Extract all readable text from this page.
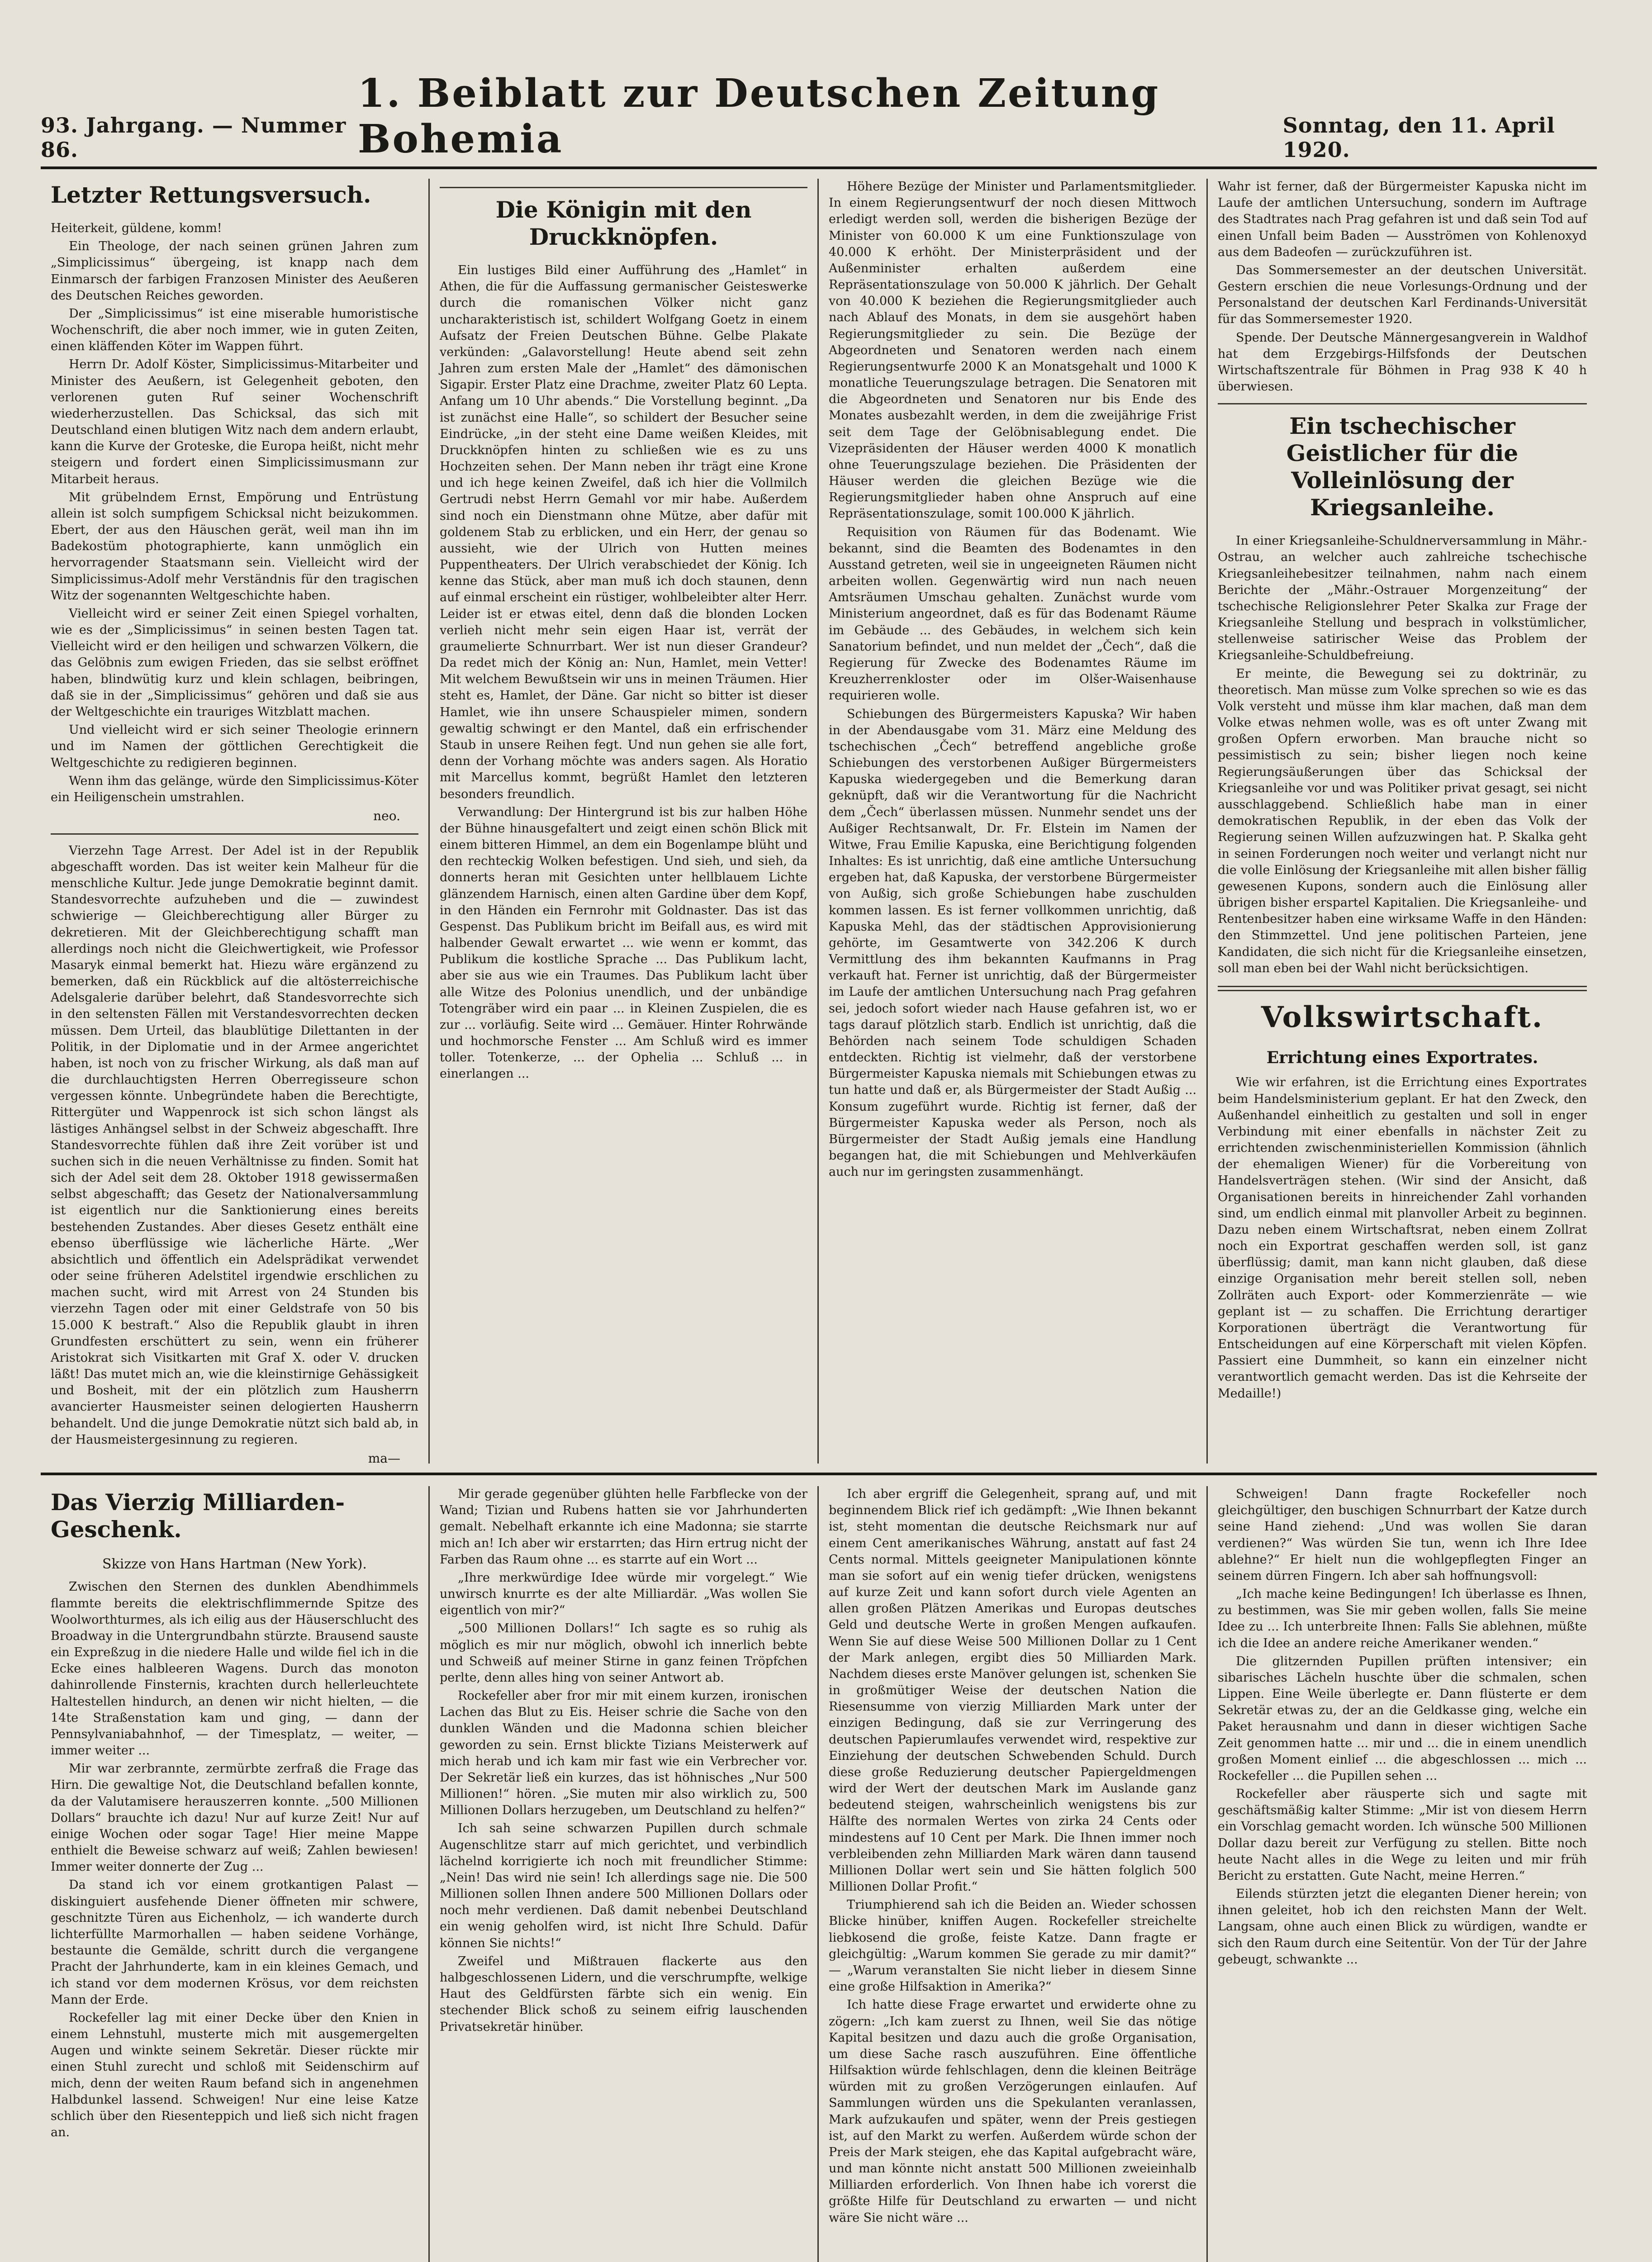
93. Jahrgang. — Nummer 86.
1. Beiblatt zur Deutschen Zeitung Bohemia	Sonntag, den 11. April 1920.
Letzter Rettungsversuch.

Heiterkeit, güldene, komm!

Ein Theologe, der nach seinen grünen Jahren zum „Simplicissimus“ übergeing, ist knapp nach dem Einmarsch der farbigen Franzosen Minister des Aeußeren des Deutschen Reiches geworden.

Der „Simplicissimus“ ist eine miserable humoristische Wochenschrift, die aber noch immer, wie in guten Zeiten, einen kläffenden Köter im Wappen führt.

Herrn Dr. Adolf Köster, Simplicissimus-Mitarbeiter und Minister des Aeußern, ist Gelegenheit geboten, den verlorenen guten Ruf seiner Wochenschrift wiederherzustellen. Das Schicksal, das sich mit Deutschland einen blutigen Witz nach dem andern erlaubt, kann die Kurve der Groteske, die Europa heißt, nicht mehr steigern und fordert einen Simplicissimusmann zur Mitarbeit heraus.

Mit grübelndem Ernst, Empörung und Entrüstung allein ist solch sumpfigem Schicksal nicht beizukommen. Ebert, der aus den Häuschen gerät, weil man ihn im Badekostüm photographierte, kann unmöglich ein hervorragender Staatsmann sein. Vielleicht wird der Simplicissimus-Adolf mehr Verständnis für den tragischen Witz der sogenannten Weltgeschichte haben.

Vielleicht wird er seiner Zeit einen Spiegel vorhalten, wie es der „Simplicissimus“ in seinen besten Tagen tat. Vielleicht wird er den heiligen und schwarzen Völkern, die das Gelöbnis zum ewigen Frieden, das sie selbst eröffnet haben, blindwütig kurz und klein schlagen, beibringen, daß sie in der „Simplicissimus“ gehören und daß sie aus der Weltgeschichte ein trauriges Witzblatt machen.

Und vielleicht wird er sich seiner Theologie erinnern und im Namen der göttlichen Gerechtigkeit die Weltgeschichte zu redigieren beginnen.

Wenn ihm das gelänge, würde den Simplicissimus-Köter ein Heiligenschein umstrahlen.

neo.

Vierzehn Tage Arrest. Der Adel ist in der Republik abgeschafft worden. Das ist weiter kein Malheur für die menschliche Kultur. Jede junge Demokratie beginnt damit. Standesvorrechte aufzuheben und die — zuwindest schwierige — Gleichberechtigung aller Bürger zu dekretieren. Mit der Gleichberechtigung schafft man allerdings noch nicht die Gleichwertigkeit, wie Professor Masaryk einmal bemerkt hat. Hiezu wäre ergänzend zu bemerken, daß ein Rückblick auf die altösterreichische Adelsgalerie darüber belehrt, daß Standesvorrechte sich in den seltensten Fällen mit Verstandesvorrechten decken müssen. Dem Urteil, das blaublütige Dilettanten in der Politik, in der Diplomatie und in der Armee angerichtet haben, ist noch von zu frischer Wirkung, als daß man auf die durchlauchtigsten Herren Oberregisseure schon vergessen könnte. Unbegründete haben die Berechtigte, Rittergüter und Wappenrock ist sich schon längst als lästiges Anhängsel selbst in der Schweiz abgeschafft. Ihre Standesvorrechte fühlen daß ihre Zeit vorüber ist und suchen sich in die neuen Verhältnisse zu finden. Somit hat sich der Adel seit dem 28. Oktober 1918 gewissermaßen selbst abgeschafft; das Gesetz der Nationalversammlung ist eigentlich nur die Sanktionierung eines bereits bestehenden Zustandes. Aber dieses Gesetz enthält eine ebenso überflüssige wie lächerliche Härte. „Wer absichtlich und öffentlich ein Adelsprädikat verwendet oder seine früheren Adelstitel irgendwie erschlichen zu machen sucht, wird mit Arrest von 24 Stunden bis vierzehn Tagen oder mit einer Geldstrafe von 50 bis 15.000 K bestraft.“ Also die Republik glaubt in ihren Grundfesten erschüttert zu sein, wenn ein früherer Aristokrat sich Visitkarten mit Graf X. oder V. drucken läßt! Das mutet mich an, wie die kleinstirnige Gehässigkeit und Bosheit, mit der ein plötzlich zum Hausherrn avancierter Hausmeister seinen delogierten Hausherrn behandelt. Und die junge Demokratie nützt sich bald ab, in der Hausmeistergesinnung zu regieren.

ma—
Die Königin mit den Druckknöpfen.

Ein lustiges Bild einer Aufführung des „Hamlet“ in Athen, die für die Auffassung germanischer Geisteswerke durch die romanischen Völker nicht ganz uncharakteristisch ist, schildert Wolfgang Goetz in einem Aufsatz der Freien Deutschen Bühne. Gelbe Plakate verkünden: „Galavorstellung! Heute abend seit zehn Jahren zum ersten Male der „Hamlet“ des dämonischen Sigapir. Erster Platz eine Drachme, zweiter Platz 60 Lepta. Anfang um 10 Uhr abends.“ Die Vorstellung beginnt. „Da ist zunächst eine Halle“, so schildert der Besucher seine Eindrücke, „in der steht eine Dame weißen Kleides, mit Druckknöpfen hinten zu schließen wie es zu uns Hochzeiten sehen. Der Mann neben ihr trägt eine Krone und ich hege keinen Zweifel, daß ich hier die Vollmilch Gertrudi nebst Herrn Gemahl vor mir habe. Außerdem sind noch ein Dienstmann ohne Mütze, aber dafür mit goldenem Stab zu erblicken, und ein Herr, der genau so aussieht, wie der Ulrich von Hutten meines Puppentheaters. Der Ulrich verabschiedet der König. Ich kenne das Stück, aber man muß ich doch staunen, denn auf einmal erscheint ein rüstiger, wohlbeleibter alter Herr. Leider ist er etwas eitel, denn daß die blonden Locken verlieh nicht mehr sein eigen Haar ist, verrät der graumelierte Schnurrbart. Wer ist nun dieser Grandeur? Da redet mich der König an: Nun, Hamlet, mein Vetter! Mit welchem Bewußtsein wir uns in meinen Träumen. Hier steht es, Hamlet, der Däne. Gar nicht so bitter ist dieser Hamlet, wie ihn unsere Schauspieler mimen, sondern gewaltig schwingt er den Mantel, daß ein erfrischender Staub in unsere Reihen fegt. Und nun gehen sie alle fort, denn der Vorhang möchte was anders sagen. Als Horatio mit Marcellus kommt, begrüßt Hamlet den letzteren besonders freundlich.

Verwandlung: Der Hintergrund ist bis zur halben Höhe der Bühne hinausgefaltert und zeigt einen schön Blick mit einem bitteren Himmel, an dem ein Bogenlampe blüht und den rechteckig Wolken befestigen. Und sieh, und sieh, da donnerts heran mit Gesichten unter hellblauem Lichte glänzendem Harnisch, einen alten Gardine über dem Kopf, in den Händen ein Fernrohr mit Goldnaster. Das ist das Gespenst. Das Publikum bricht im Beifall aus, es wird mit halbender Gewalt erwartet ... wie wenn er kommt, das Publikum die kostliche Sprache ... Das Publikum lacht, aber sie aus wie ein Traumes. Das Publikum lacht über alle Witze des Polonius unendlich, und der unbändige Totengräber wird ein paar ... in Kleinen Zuspielen, die es zur ... vorläufig. Seite wird ... Gemäuer. Hinter Rohrwände und hochmorsche Fenster ... Am Schluß wird es immer toller. Totenkerze, ... der Ophelia ... Schluß ... in einerlangen ...

Höhere Bezüge der Minister und Parlamentsmitglieder. In einem Regierungsentwurf der noch diesen Mittwoch erledigt werden soll, werden die bisherigen Bezüge der Minister von 60.000 K um eine Funktionszulage von 40.000 K erhöht. Der Ministerpräsident und der Außenminister erhalten außerdem eine Repräsentationszulage von 50.000 K jährlich. Der Gehalt von 40.000 K beziehen die Regierungsmitglieder auch nach Ablauf des Monats, in dem sie ausgehört haben Regierungsmitglieder zu sein. Die Bezüge der Abgeordneten und Senatoren werden nach einem Regierungsentwurfe 2000 K an Monatsgehalt und 1000 K monatliche Teuerungszulage betragen. Die Senatoren mit die Abgeordneten und Senatoren nur bis Ende des Monates ausbezahlt werden, in dem die zweijährige Frist seit dem Tage der Gelöbnisablegung endet. Die Vizepräsidenten der Häuser werden 4000 K monatlich ohne Teuerungszulage beziehen. Die Präsidenten der Häuser werden die gleichen Bezüge wie die Regierungsmitglieder haben ohne Anspruch auf eine Repräsentationszulage, somit 100.000 K jährlich.

Requisition von Räumen für das Bodenamt. Wie bekannt, sind die Beamten des Bodenamtes in den Ausstand getreten, weil sie in ungeeigneten Räumen nicht arbeiten wollen. Gegenwärtig wird nun nach neuen Amtsräumen Umschau gehalten. Zunächst wurde vom Ministerium angeordnet, daß es für das Bodenamt Räume im Gebäude ... des Gebäudes, in welchem sich kein Sanatorium befindet, und nun meldet der „Čech“, daß die Regierung für Zwecke des Bodenamtes Räume im Kreuzherrenkloster oder im Olšer-Waisenhause requirieren wolle.

Schiebungen des Bürgermeisters Kapuska? Wir haben in der Abendausgabe vom 31. März eine Meldung des tschechischen „Čech“ betreffend angebliche große Schiebungen des verstorbenen Außiger Bürgermeisters Kapuska wiedergegeben und die Bemerkung daran geknüpft, daß wir die Verantwortung für die Nachricht dem „Čech“ überlassen müssen. Nunmehr sendet uns der Außiger Rechtsanwalt, Dr. Fr. Elstein im Namen der Witwe, Frau Emilie Kapuska, eine Berichtigung folgenden Inhaltes: Es ist unrichtig, daß eine amtliche Untersuchung ergeben hat, daß Kapuska, der verstorbene Bürgermeister von Außig, sich große Schiebungen habe zuschulden kommen lassen. Es ist ferner vollkommen unrichtig, daß Kapuska Mehl, das der städtischen Approvisionierung gehörte, im Gesamtwerte von 342.206 K durch Vermittlung des ihm bekannten Kaufmanns in Prag verkauft hat. Ferner ist unrichtig, daß der Bürgermeister im Laufe der amtlichen Untersuchung nach Prag gefahren sei, jedoch sofort wieder nach Hause gefahren ist, wo er tags darauf plötzlich starb. Endlich ist unrichtig, daß die Behörden nach seinem Tode schuldigen Schaden entdeckten. Richtig ist vielmehr, daß der verstorbene Bürgermeister Kapuska niemals mit Schiebungen etwas zu tun hatte und daß er, als Bürgermeister der Stadt Außig ... Konsum zugeführt wurde. Richtig ist ferner, daß der Bürgermeister Kapuska weder als Person, noch als Bürgermeister der Stadt Außig jemals eine Handlung begangen hat, die mit Schiebungen und Mehlverkäufen auch nur im geringsten zusammenhängt.

Wahr ist ferner, daß der Bürgermeister Kapuska nicht im Laufe der amtlichen Untersuchung, sondern im Auftrage des Stadtrates nach Prag gefahren ist und daß sein Tod auf einen Unfall beim Baden — Ausströmen von Kohlenoxyd aus dem Badeofen — zurückzuführen ist.

Das Sommersemester an der deutschen Universität. Gestern erschien die neue Vorlesungs-Ordnung und der Personalstand der deutschen Karl Ferdinands-Universität für das Sommersemester 1920.

Spende. Der Deutsche Männergesangverein in Waldhof hat dem Erzgebirgs-Hilfsfonds der Deutschen Wirtschaftszentrale für Böhmen in Prag 938 K 40 h überwiesen.

Ein tschechischer Geistlicher für die Volleinlösung der Kriegsanleihe.

In einer Kriegsanleihe-Schuldnerversammlung in Mähr.-Ostrau, an welcher auch zahlreiche tschechische Kriegsanleihebesitzer teilnahmen, nahm nach einem Berichte der „Mähr.-Ostrauer Morgenzeitung“ der tschechische Religionslehrer Peter Skalka zur Frage der Kriegsanleihe Stellung und besprach in volkstümlicher, stellenweise satirischer Weise das Problem der Kriegsanleihe-Schuldbefreiung.

Er meinte, die Bewegung sei zu doktrinär, zu theoretisch. Man müsse zum Volke sprechen so wie es das Volk versteht und müsse ihm klar machen, daß man dem Volke etwas nehmen wolle, was es oft unter Zwang mit großen Opfern erworben. Man brauche nicht so pessimistisch zu sein; bisher liegen noch keine Regierungsäußerungen über das Schicksal der Kriegsanleihe vor und was Politiker privat gesagt, sei nicht ausschlaggebend. Schließlich habe man in einer demokratischen Republik, in der eben das Volk der Regierung seinen Willen aufzuzwingen hat. P. Skalka geht in seinen Forderungen noch weiter und verlangt nicht nur die volle Einlösung der Kriegsanleihe mit allen bisher fällig gewesenen Kupons, sondern auch die Einlösung aller übrigen bisher erspartel Kapitalien. Die Kriegsanleihe- und Rentenbesitzer haben eine wirksame Waffe in den Händen: den Stimmzettel. Und jene politischen Parteien, jene Kandidaten, die sich nicht für die Kriegsanleihe einsetzen, soll man eben bei der Wahl nicht berücksichtigen.

Volkswirtschaft.
Errichtung eines Exportrates.

Wie wir erfahren, ist die Errichtung eines Exportrates beim Handelsministerium geplant. Er hat den Zweck, den Außenhandel einheitlich zu gestalten und soll in enger Verbindung mit einer ebenfalls in nächster Zeit zu errichtenden zwischenministeriellen Kommission (ähnlich der ehemaligen Wiener) für die Vorbereitung von Handelsverträgen stehen. (Wir sind der Ansicht, daß Organisationen bereits in hinreichender Zahl vorhanden sind, um endlich einmal mit planvoller Arbeit zu beginnen. Dazu neben einem Wirtschaftsrat, neben einem Zollrat noch ein Exportrat geschaffen werden soll, ist ganz überflüssig; damit, man kann nicht glauben, daß diese einzige Organisation mehr bereit stellen soll, neben Zollräten auch Export- oder Kommerzienräte — wie geplant ist — zu schaffen. Die Errichtung derartiger Korporationen überträgt die Verantwortung für Entscheidungen auf eine Körperschaft mit vielen Köpfen. Passiert eine Dummheit, so kann ein einzelner nicht verantwortlich gemacht werden. Das ist die Kehrseite der Medaille!)

Das Vierzig Milliarden-Geschenk.
Skizze von Hans Hartman (New York).

Zwischen den Sternen des dunklen Abendhimmels flammte bereits die elektrischflimmernde Spitze des Woolworthturmes, als ich eilig aus der Häuserschlucht des Broadway in die Untergrundbahn stürzte. Brausend sauste ein Expreßzug in die niedere Halle und wilde fiel ich in die Ecke eines halbleeren Wagens. Durch das monoton dahinrollende Finsternis, krachten durch hellerleuchtete Haltestellen hindurch, an denen wir nicht hielten, — die 14te Straßenstation kam und ging, — dann der Pennsylvaniabahnhof, — der Timesplatz, — weiter, — immer weiter ...

Mir war zerbrannte, zermürbte zerfraß die Frage das Hirn. Die gewaltige Not, die Deutschland befallen konnte, da der Valutamisere herauszerren konnte. „500 Millionen Dollars“ brauchte ich dazu! Nur auf kurze Zeit! Nur auf einige Wochen oder sogar Tage! Hier meine Mappe enthielt die Beweise schwarz auf weiß; Zahlen bewiesen! Immer weiter donnerte der Zug ...

Da stand ich vor einem grotkantigen Palast — diskinguiert ausfehende Diener öffneten mir schwere, geschnitzte Türen aus Eichenholz, — ich wanderte durch lichterfüllte Marmorhallen — haben seidene Vorhänge, bestaunte die Gemälde, schritt durch die vergangene Pracht der Jahrhunderte, kam in ein kleines Gemach, und ich stand vor dem modernen Krösus, vor dem reichsten Mann der Erde.

Rockefeller lag mit einer Decke über den Knien in einem Lehnstuhl, musterte mich mit ausgemergelten Augen und winkte seinem Sekretär. Dieser rückte mir einen Stuhl zurecht und schloß mit Seidenschirm auf mich, denn der weiten Raum befand sich in angenehmen Halbdunkel lassend. Schweigen! Nur eine leise Katze schlich über den Riesenteppich und ließ sich nicht fragen an.

Mir gerade gegenüber glühten helle Farbflecke von der Wand; Tizian und Rubens hatten sie vor Jahrhunderten gemalt. Nebelhaft erkannte ich eine Madonna; sie starrte mich an! Ich aber wir erstarrten; das Hirn ertrug nicht der Farben das Raum ohne ... es starrte auf ein Wort ...

„Ihre merkwürdige Idee würde mir vorgelegt.“ Wie unwirsch knurrte es der alte Milliardär. „Was wollen Sie eigentlich von mir?“

„500 Millionen Dollars!“ Ich sagte es so ruhig als möglich es mir nur möglich, obwohl ich innerlich bebte und Schweiß auf meiner Stirne in ganz feinen Tröpfchen perlte, denn alles hing von seiner Antwort ab.

Rockefeller aber fror mir mit einem kurzen, ironischen Lachen das Blut zu Eis. Heiser schrie die Sache von den dunklen Wänden und die Madonna schien bleicher geworden zu sein. Ernst blickte Tizians Meisterwerk auf mich herab und ich kam mir fast wie ein Verbrecher vor. Der Sekretär ließ ein kurzes, das ist höhnisches „Nur 500 Millionen!“ hören. „Sie muten mir also wirklich zu, 500 Millionen Dollars herzugeben, um Deutschland zu helfen?“

Ich sah seine schwarzen Pupillen durch schmale Augenschlitze starr auf mich gerichtet, und verbindlich lächelnd korrigierte ich noch mit freundlicher Stimme: „Nein! Das wird nie sein! Ich allerdings sage nie. Die 500 Millionen sollen Ihnen andere 500 Millionen Dollars oder noch mehr verdienen. Daß damit nebenbei Deutschland ein wenig geholfen wird, ist nicht Ihre Schuld. Dafür können Sie nichts!“

Zweifel und Mißtrauen flackerte aus den halbgeschlossenen Lidern, und die verschrumpfte, welkige Haut des Geldfürsten färbte sich ein wenig. Ein stechender Blick schoß zu seinem eifrig lauschenden Privatsekretär hinüber.

Ich aber ergriff die Gelegenheit, sprang auf, und mit beginnendem Blick rief ich gedämpft: „Wie Ihnen bekannt ist, steht momentan die deutsche Reichsmark nur auf einem Cent amerikanisches Währung, anstatt auf fast 24 Cents normal. Mittels geeigneter Manipulationen könnte man sie sofort auf ein wenig tiefer drücken, wenigstens auf kurze Zeit und kann sofort durch viele Agenten an allen großen Plätzen Amerikas und Europas deutsches Geld und deutsche Werte in großen Mengen aufkaufen. Wenn Sie auf diese Weise 500 Millionen Dollar zu 1 Cent der Mark anlegen, ergibt dies 50 Milliarden Mark. Nachdem dieses erste Manöver gelungen ist, schenken Sie in großmütiger Weise der deutschen Nation die Riesensumme von vierzig Milliarden Mark unter der einzigen Bedingung, daß sie zur Verringerung des deutschen Papierumlaufes verwendet wird, respektive zur Einziehung der deutschen Schwebenden Schuld. Durch diese große Reduzierung deutscher Papiergeldmengen wird der Wert der deutschen Mark im Auslande ganz bedeutend steigen, wahrscheinlich wenigstens bis zur Hälfte des normalen Wertes von zirka 24 Cents oder mindestens auf 10 Cent per Mark. Die Ihnen immer noch verbleibenden zehn Milliarden Mark wären dann tausend Millionen Dollar wert sein und Sie hätten folglich 500 Millionen Dollar Profit.“

Triumphierend sah ich die Beiden an. Wieder schossen Blicke hinüber, kniffen Augen. Rockefeller streichelte liebkosend die große, feiste Katze. Dann fragte er gleichgültig: „Warum kommen Sie gerade zu mir damit?“ — „Warum veranstalten Sie nicht lieber in diesem Sinne eine große Hilfsaktion in Amerika?“

Ich hatte diese Frage erwartet und erwiderte ohne zu zögern: „Ich kam zuerst zu Ihnen, weil Sie das nötige Kapital besitzen und dazu auch die große Organisation, um diese Sache rasch auszuführen. Eine öffentliche Hilfsaktion würde fehlschlagen, denn die kleinen Beiträge würden mit zu großen Verzögerungen einlaufen. Auf Sammlungen würden uns die Spekulanten veranlassen, Mark aufzukaufen und später, wenn der Preis gestiegen ist, auf den Markt zu werfen. Außerdem würde schon der Preis der Mark steigen, ehe das Kapital aufgebracht wäre, und man könnte nicht anstatt 500 Millionen zweieinhalb Milliarden erforderlich. Von Ihnen habe ich vorerst die größte Hilfe für Deutschland zu erwarten — und nicht wäre Sie nicht wäre ...

Schweigen! Dann fragte Rockefeller noch gleichgültiger, den buschigen Schnurrbart der Katze durch seine Hand ziehend: „Und was wollen Sie daran verdienen?“ Was würden Sie tun, wenn ich Ihre Idee ablehne?“ Er hielt nun die wohlgepflegten Finger an seinem dürren Fingern. Ich aber sah hoffnungsvoll:

„Ich mache keine Bedingungen! Ich überlasse es Ihnen, zu bestimmen, was Sie mir geben wollen, falls Sie meine Idee zu ... Ich unterbreite Ihnen: Falls Sie ablehnen, müßte ich die Idee an andere reiche Amerikaner wenden.“

Die glitzernden Pupillen prüften intensiver; ein sibarisches Lächeln huschte über die schmalen, schen Lippen. Eine Weile überlegte er. Dann flüsterte er dem Sekretär etwas zu, der an die Geldkasse ging, welche ein Paket herausnahm und dann in dieser wichtigen Sache Zeit genommen hatte ... mir und ... die in einem unendlich großen Moment einlief ... die abgeschlossen ... mich ... Rockefeller ... die Pupillen sehen ...

Rockefeller aber räusperte sich und sagte mit geschäftsmäßig kalter Stimme: „Mir ist von diesem Herrn ein Vorschlag gemacht worden. Ich wünsche 500 Millionen Dollar dazu bereit zur Verfügung zu stellen. Bitte noch heute Nacht alles in die Wege zu leiten und mir früh Bericht zu erstatten. Gute Nacht, meine Herren.“

Eilends stürzten jetzt die eleganten Diener herein; von ihnen geleitet, hob ich den reichsten Mann der Welt. Langsam, ohne auch einen Blick zu würdigen, wandte er sich den Raum durch eine Seitentür. Von der Tür der Jahre gebeugt, schwankte ...
